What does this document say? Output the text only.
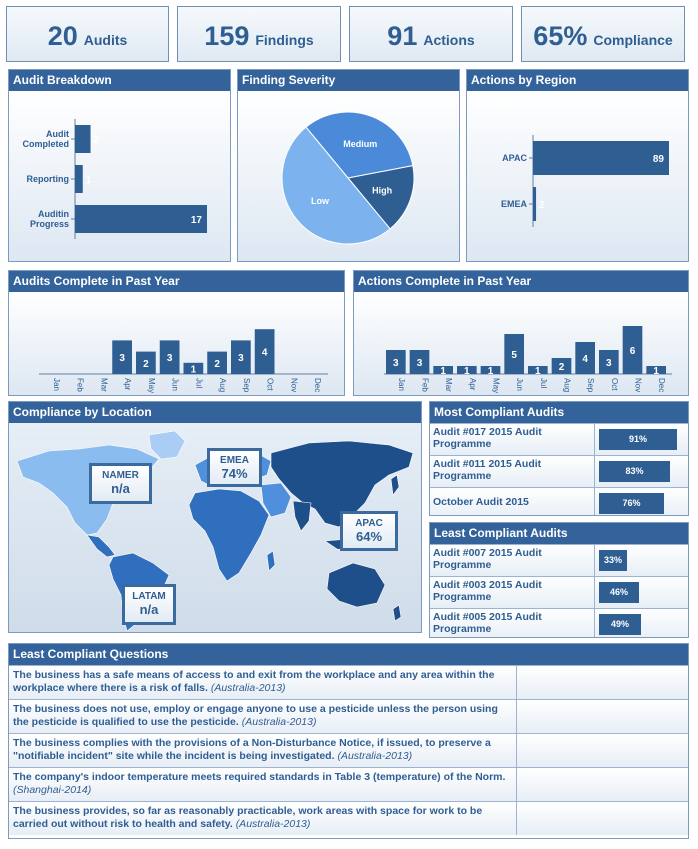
20 Audits	159 Findings	91 Actions	65% Compliance
Audit Breakdown
Audit
Completed 2
Reporting 1
Auditin
Progress	17
Finding Severity
Medium
High
Low
Actions by Region
APAC	89
EMEA 2
Audits Complete in Past Year
Jan Feb Mar Apr
3
May
2
Jun
3
Jul
1
Aug
2
Sep
3
Oct
4
Nov Dec
Actions Complete in Past Year
Jan
3
Feb
3
Mar
1
Apr
1
May
1
Jun
5
Jul
1
Aug
2
Sep
4
Oct
3
Nov
6
Dec
1
Compliance by Location
NAMER
n/a
EMEA
74%
APAC
64%
LATAM
n/a
Most Compliant Audits
Audit #017 2015 Audit Programme	91%
Audit #011 2015 Audit Programme	83%
October Audit 2015	76%
Least Compliant Audits
Audit #007 2015 Audit Programme	33%
Audit #003 2015 Audit Programme	46%
Audit #005 2015 Audit Programme	49%
Least Compliant Questions
The business has a safe means of access to and exit from the workplace and any area within the workplace where there is a risk of falls. (Australia-2013)
The business does not use, employ or engage anyone to use a pesticide unless the person using the pesticide is qualified to use the pesticide. (Australia-2013)
The business complies with the provisions of a Non-Disturbance Notice, if issued, to preserve a "notifiable incident" site while the incident is being investigated. (Australia-2013)
The company's indoor temperature meets required standards in Table 3 (temperature) of the Norm. (Shanghai-2014)
The business provides, so far as reasonably practicable, work areas with space for work to be carried out without risk to health and safety. (Australia-2013)
